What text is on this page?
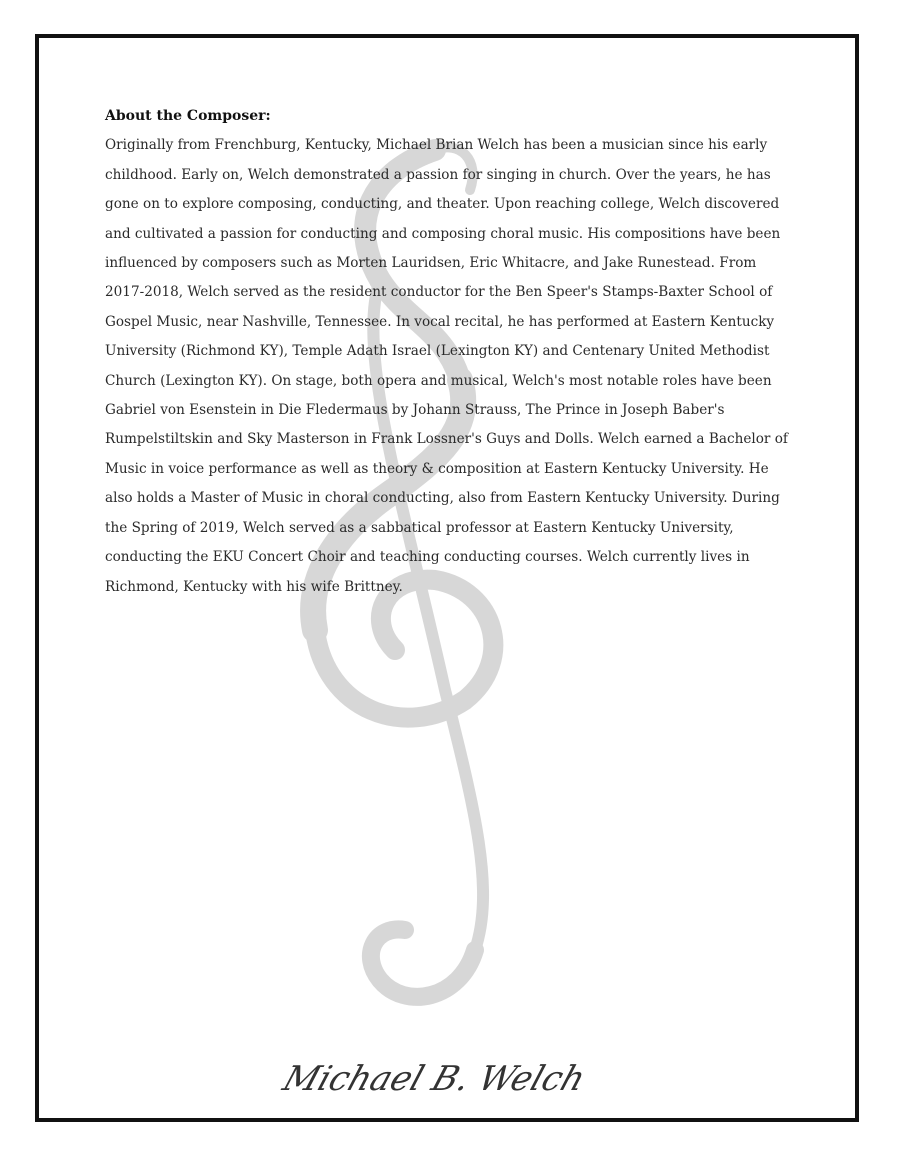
About the Composer:

Originally from Frenchburg, Kentucky, Michael Brian Welch has been a musician since his early childhood. Early on, Welch demonstrated a passion for singing in church. Over the years, he has gone on to explore composing, conducting, and theater. Upon reaching college, Welch discovered and cultivated a passion for conducting and composing choral music. His compositions have been influenced by composers such as Morten Lauridsen, Eric Whitacre, and Jake Runestead. From 2017-2018, Welch served as the resident conductor for the Ben Speer's Stamps-Baxter School of Gospel Music, near Nashville, Tennessee. In vocal recital, he has performed at Eastern Kentucky University (Richmond KY), Temple Adath Israel (Lexington KY) and Centenary United Methodist Church (Lexington KY). On stage, both opera and musical, Welch's most notable roles have been Gabriel von Esenstein in Die Fledermaus by Johann Strauss, The Prince in Joseph Baber's Rumpelstiltskin and Sky Masterson in Frank Lossner's Guys and Dolls. Welch earned a Bachelor of Music in voice performance as well as theory & composition at Eastern Kentucky University. He also holds a Master of Music in choral conducting, also from Eastern Kentucky University. During the Spring of 2019, Welch served as a sabbatical professor at Eastern Kentucky University, conducting the EKU Concert Choir and teaching conducting courses. Welch currently lives in Richmond, Kentucky with his wife Brittney.

Michael B. Welch
